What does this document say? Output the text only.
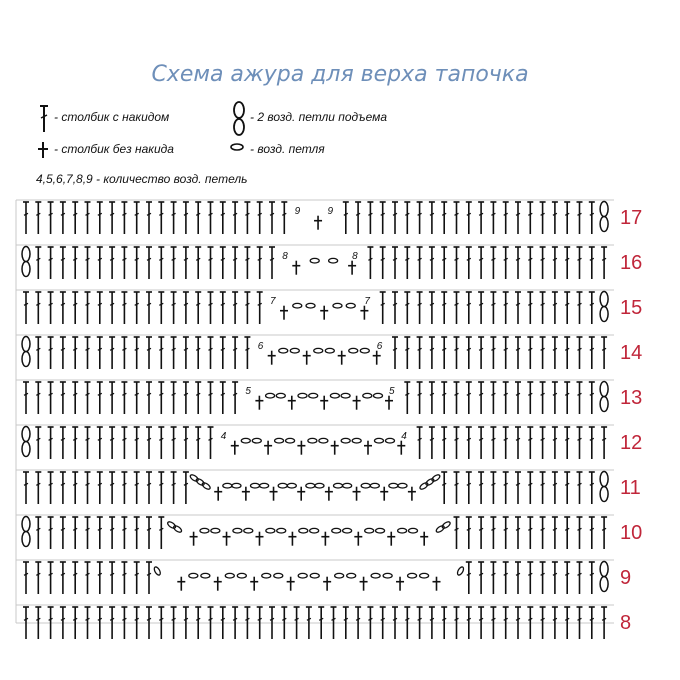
Схема ажура для верха тапочка
- столбик с накидом
- столбик без накида
- 2 возд. петли подъема
- возд. петля
4,5,6,7,8,9 - количество возд. петель
9	9	17
8	8	16
7	7	15
6	6	14
5	5	13
4	4	12
11
10
9
8
